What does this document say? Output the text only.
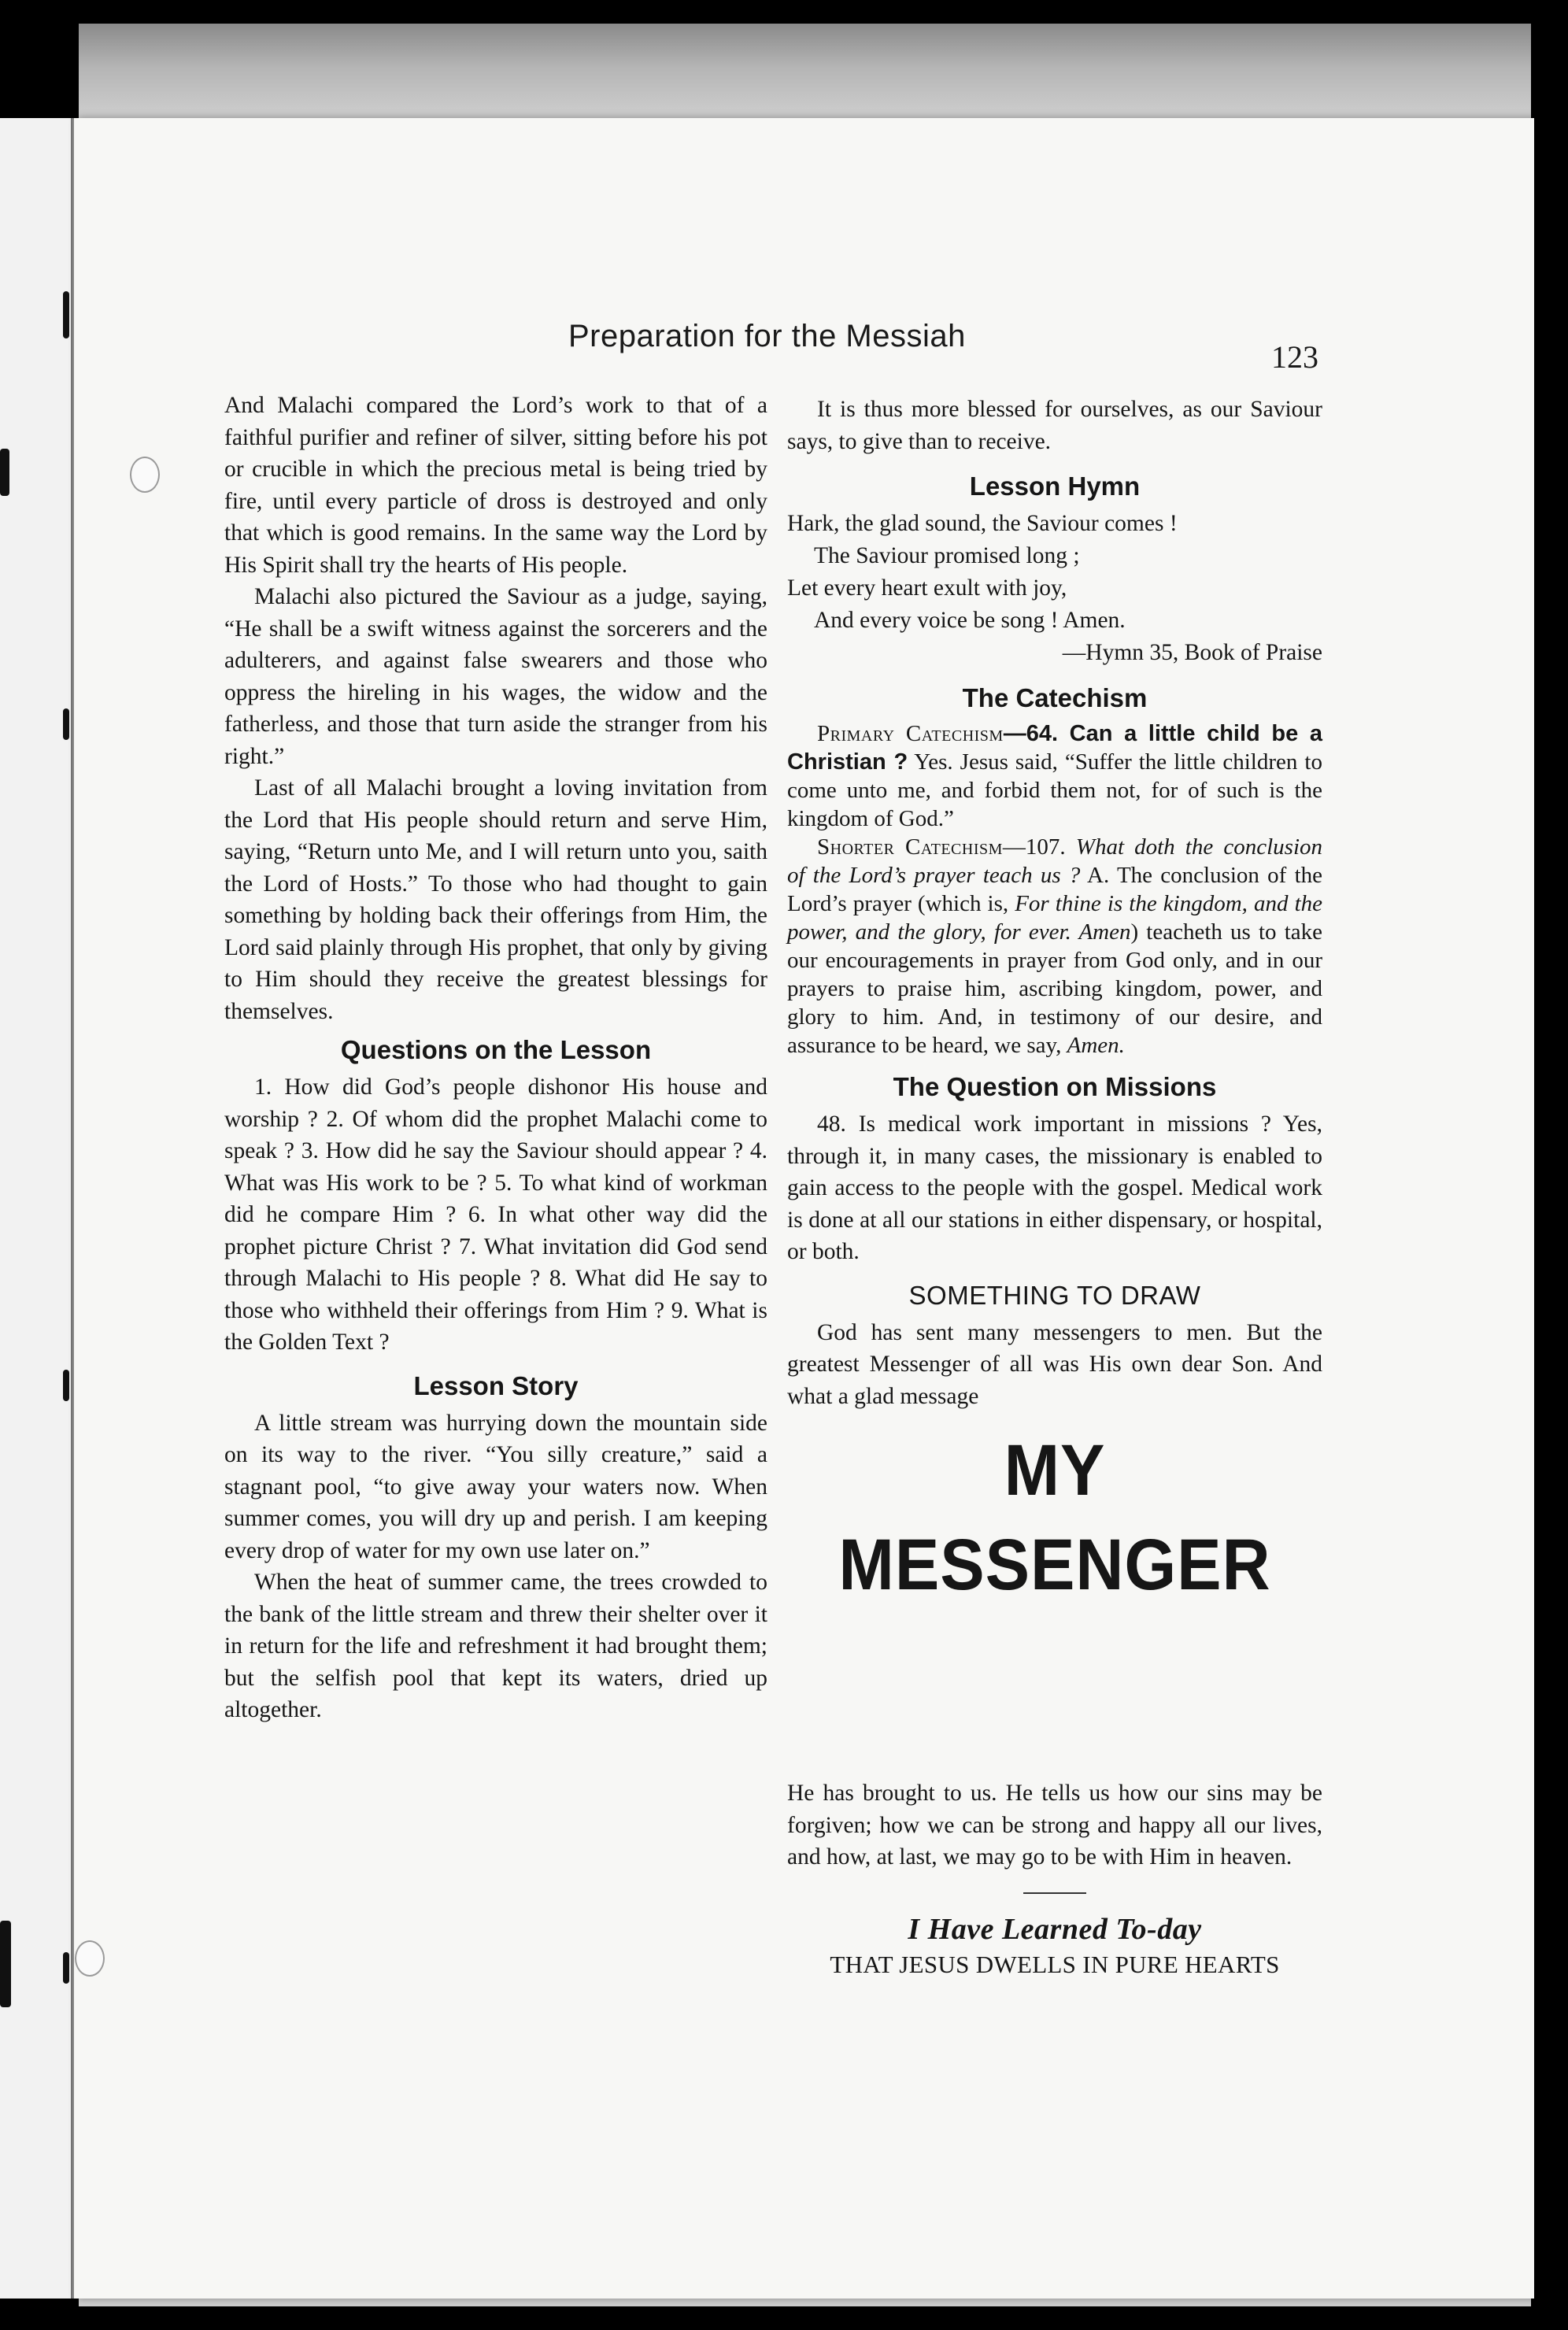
Preparation for the Messiah
123

And Malachi compared the Lord’s work to that of a faithful purifier and refiner of silver, sitting before his pot or crucible in which the precious metal is being tried by fire, until every particle of dross is destroyed and only that which is good remains. In the same way the Lord by His Spirit shall try the hearts of His people.

Malachi also pictured the Saviour as a judge, saying, “He shall be a swift witness against the sorcerers and the adulterers, and against false swearers and those who oppress the hireling in his wages, the widow and the fatherless, and those that turn aside the stranger from his right.”

Last of all Malachi brought a loving invitation from the Lord that His people should return and serve Him, saying, “Return unto Me, and I will return unto you, saith the Lord of Hosts.” To those who had thought to gain something by holding back their offerings from Him, the Lord said plainly through His prophet, that only by giving to Him should they receive the greatest blessings for themselves.

Questions on the Lesson

1. How did God’s people dishonor His house and worship ? 2. Of whom did the prophet Malachi come to speak ? 3. How did he say the Saviour should appear ? 4. What was His work to be ? 5. To what kind of workman did he compare Him ? 6. In what other way did the prophet picture Christ ? 7. What invitation did God send through Malachi to His people ? 8. What did He say to those who withheld their offerings from Him ? 9. What is the Golden Text ?

Lesson Story

A little stream was hurrying down the mountain side on its way to the river. “You silly creature,” said a stagnant pool, “to give away your waters now. When summer comes, you will dry up and perish. I am keeping every drop of water for my own use later on.”

When the heat of summer came, the trees crowded to the bank of the little stream and threw their shelter over it in return for the life and refreshment it had brought them; but the selfish pool that kept its waters, dried up altogether.

It is thus more blessed for ourselves, as our Saviour says, to give than to receive.

Lesson Hymn
Hark, the glad sound, the Saviour comes !
The Saviour promised long ;
Let every heart exult with joy,
And every voice be song ! Amen.
—Hymn 35, Book of Praise
The Catechism

Primary Catechism—64. Can a little child be a Christian ? Yes. Jesus said, “Suffer the little children to come unto me, and forbid them not, for of such is the kingdom of God.”

Shorter Catechism—107. What doth the conclusion of the Lord’s prayer teach us ? A. The conclusion of the Lord’s prayer (which is, For thine is the kingdom, and the power, and the glory, for ever. Amen) teacheth us to take our encouragements in prayer from God only, and in our prayers to praise him, ascribing kingdom, power, and glory to him. And, in testimony of our desire, and assurance to be heard, we say, Amen.

The Question on Missions

48. Is medical work important in missions ? Yes, through it, in many cases, the missionary is enabled to gain access to the people with the gospel. Medical work is done at all our stations in either dispensary, or hospital, or both.

SOMETHING TO DRAW

God has sent many messengers to men. But the greatest Messenger of all was His own dear Son. And what a glad message

MY MESSENGER

He has brought to us. He tells us how our sins may be forgiven; how we can be strong and happy all our lives, and how, at last, we may go to be with Him in heaven.

I Have Learned To-day
THAT JESUS DWELLS IN PURE HEARTS
